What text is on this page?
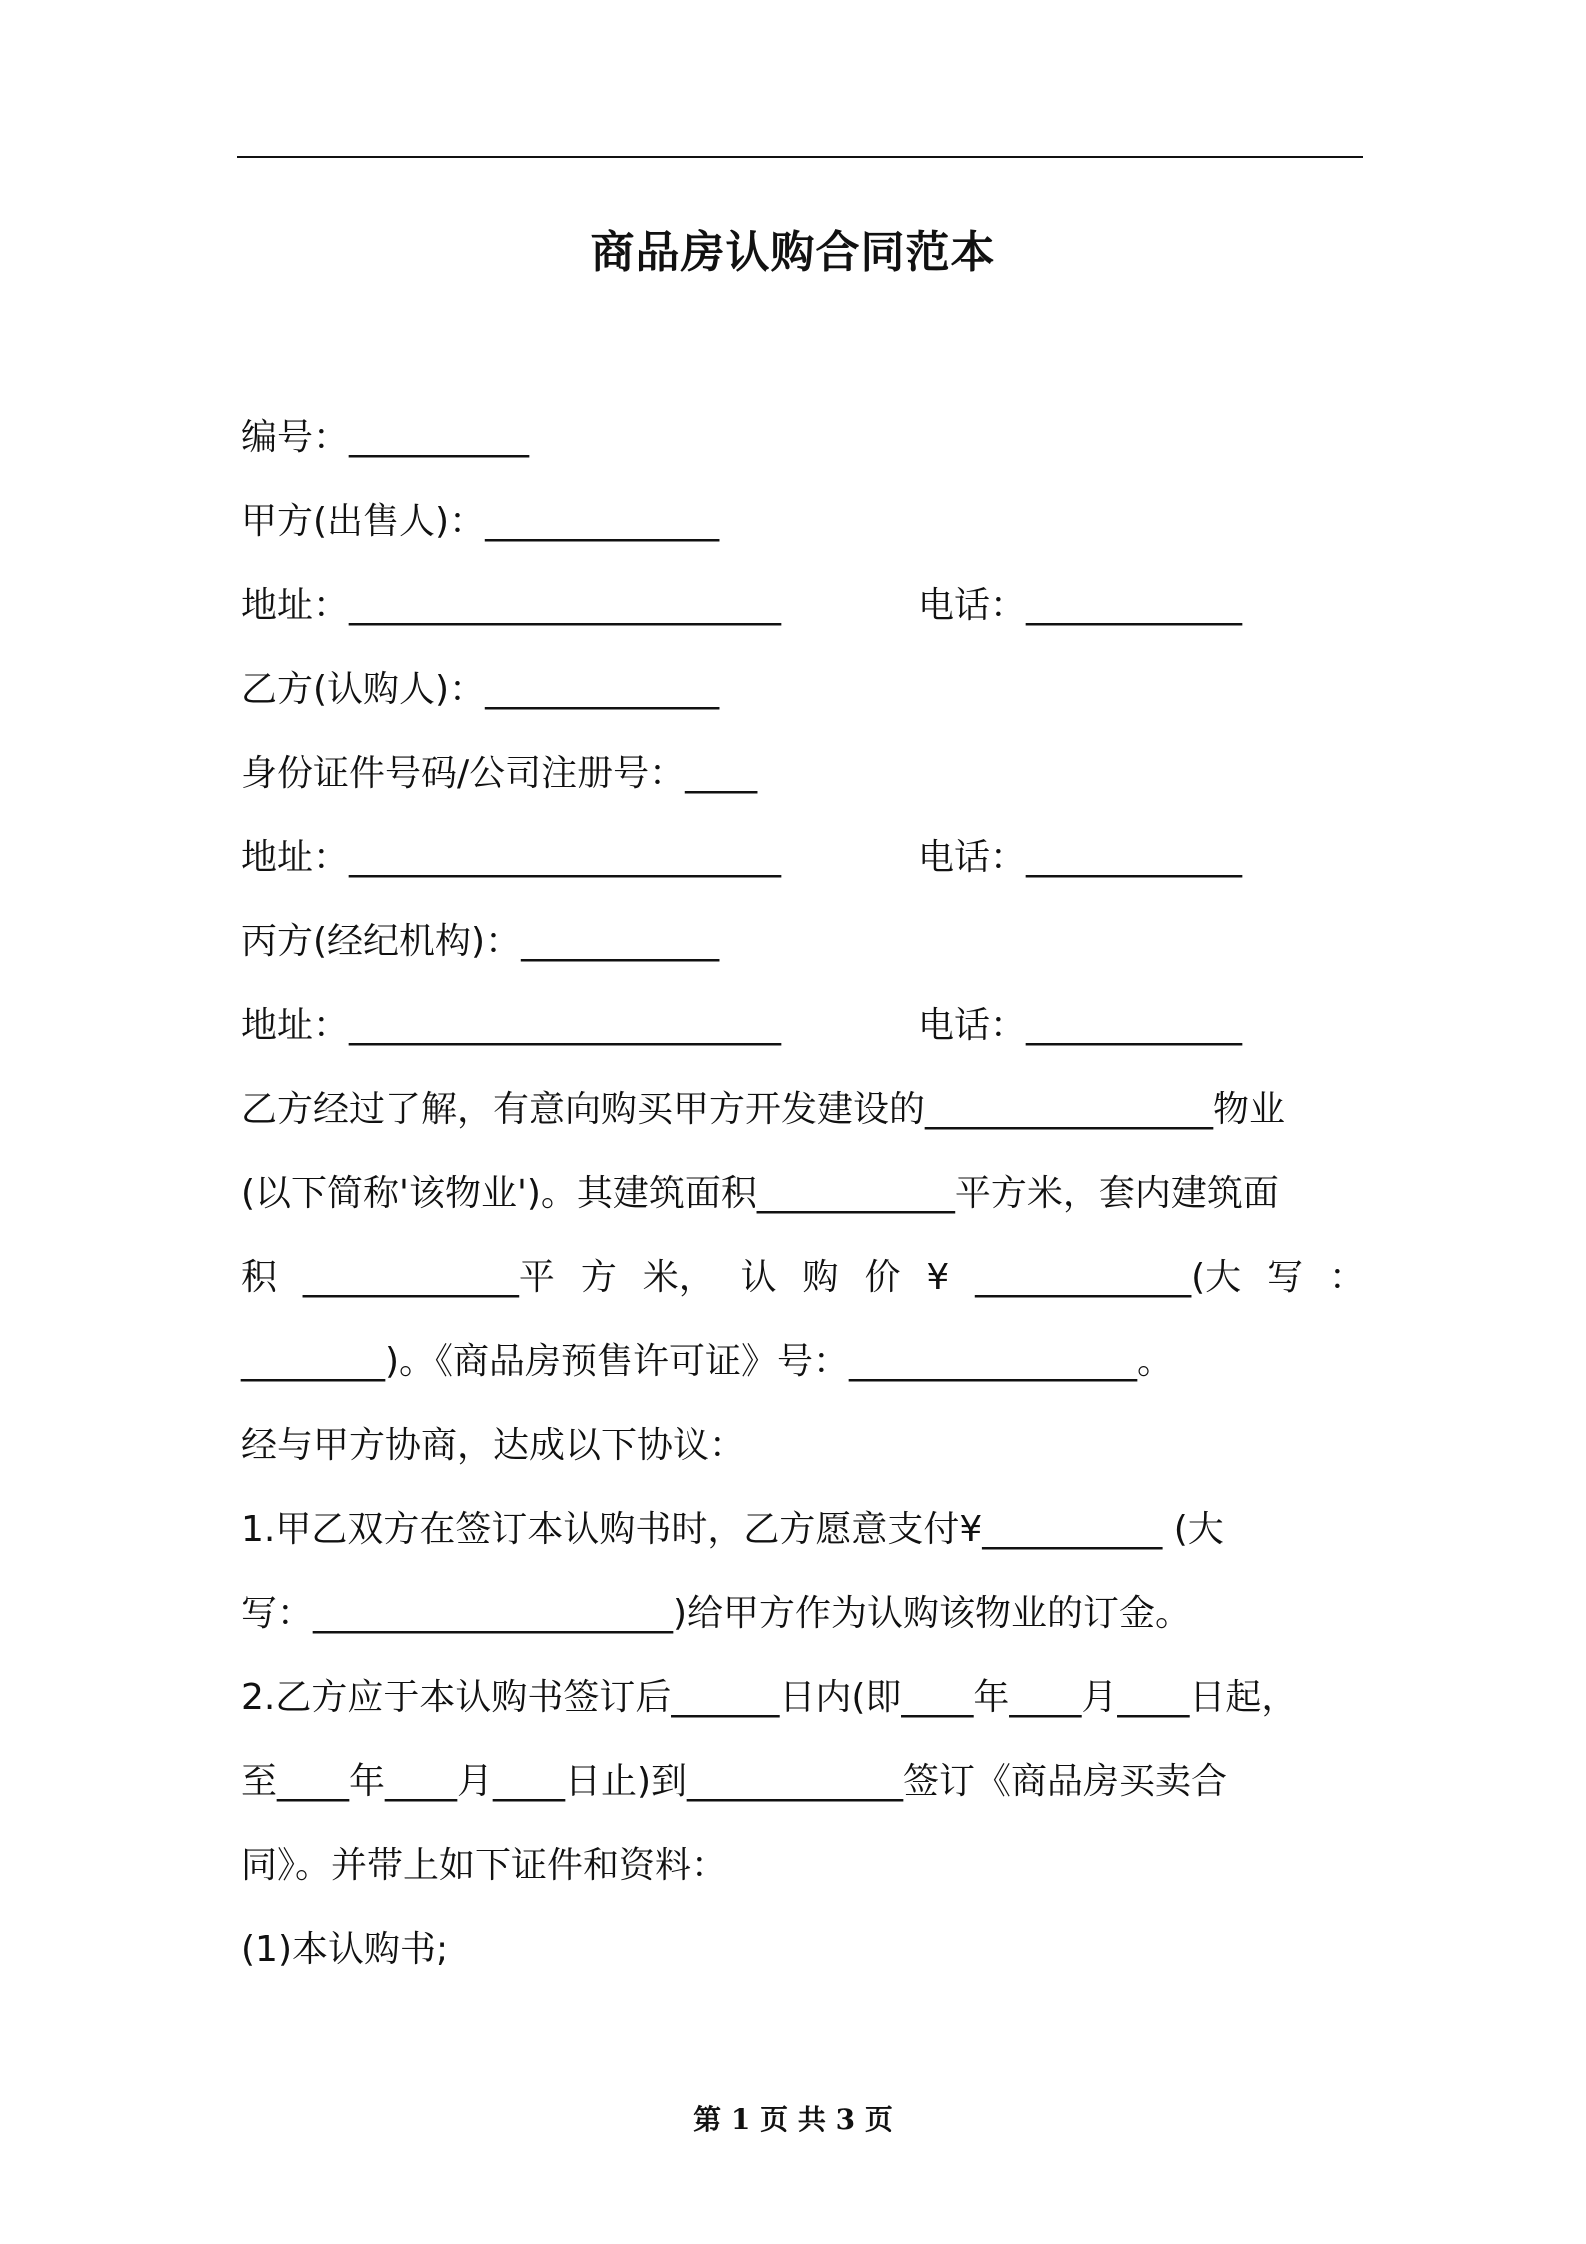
商品房认购合同范本
编号：__________
甲方(出售人)：_____________
地址：________________________	电话：____________
乙方(认购人)：_____________
身份证件号码/公司注册号：____
地址：________________________	电话：____________
丙方(经纪机构)：___________
地址：________________________	电话：____________
乙方经过了解，有意向购买甲方开发建设的________________物业
(以下简称'该物业')。其建筑面积___________平方米，套内建筑面
积 ____________平 方 米， 认 购 价 ¥ ____________(大 写 ：
________)。《商品房预售许可证》号：________________。
经与甲方协商，达成以下协议：
1.甲乙双方在签订本认购书时，乙方愿意支付¥__________ (大
写：____________________)给甲方作为认购该物业的订金。
2.乙方应于本认购书签订后______日内(即____年____月____日起，
至____年____月____日止)到____________签订《商品房买卖合
同》。并带上如下证件和资料：
(1)本认购书;
第 1 页 共 3 页
